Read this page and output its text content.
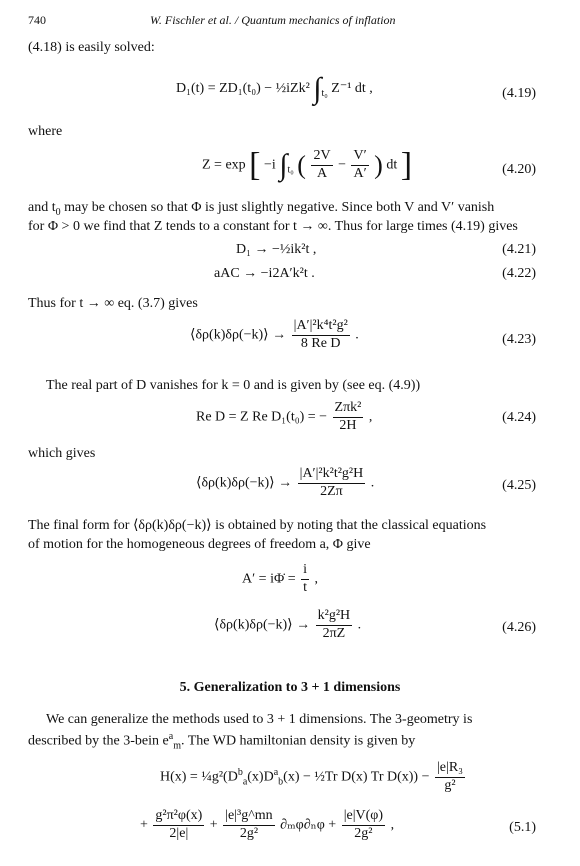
740	W. Fischler et al. / Quantum mechanics of inflation
(4.18) is easily solved:
D₁(t) = ZD₁(t₀) − ½iZk² $\int_{t_0}$ Z⁻¹ dt ,	(4.19)
where
Z = exp [ −i $\int_{t_0}$ ( $\frac{2V}{A} - \frac{V'}{A'}$ ) dt ]	(4.20)
and $t_0$ may be chosen so that Φ is just slightly negative. Since both V and V′ vanish
for Φ > 0 we find that Z tends to a constant for t → ∞. Thus for large times (4.19) gives
D₁ → −½ik²t ,	(4.21)
aAC → −i2A′k²t .	(4.22)
Thus for t → ∞ eq. (3.7) gives
⟨δρ(k)δρ(−k)⟩ → $\frac{\text{|A′|²k⁴t²g²}}{\text{8 Re D}}$ .	(4.23)
The real part of D vanishes for k = 0 and is given by (see eq. (4.9))
Re D = Z Re D₁(t₀) = − $\frac{\text{Zπk²}}{2H}$ ,	(4.24)
which gives
⟨δρ(k)δρ(−k)⟩ → $\frac{\text{|A′|²k²t²g²H}}{2Z\pi}$ .	(4.25)
The final form for ⟨δρ(k)δρ(−k)⟩ is obtained by noting that the classical equations
of motion for the homogeneous degrees of freedom a, Φ give
A′ = iΦ̇ = $\frac{i}{t}$ ,
⟨δρ(k)δρ(−k)⟩ → $\frac{\text{k²g²H}}{2\pi Z}$ .	(4.26)
5. Generalization to 3 + 1 dimensions
We can generalize the methods used to 3 + 1 dimensions. The 3-geometry is
described by the 3-bein $e^a_m$. The WD hamiltonian density is given by
$H(x) = \frac{1}{4}g^2(D^b_a(x)D^a_b(x)$ − ½Tr D(x) Tr $D(x)) - \frac{\text{|e|R₃}}{\text{g²}}$
+ $\frac{\text{g²π²φ(x)}}{2|e|} + \frac{\text{|e|³g\textasciicircum{}mn}}{\text{2g²}} \partial_m\varphi\partial_n\varphi + \frac{|e|V(\varphi)}{\text{2g²}}$ ,	(5.1)
